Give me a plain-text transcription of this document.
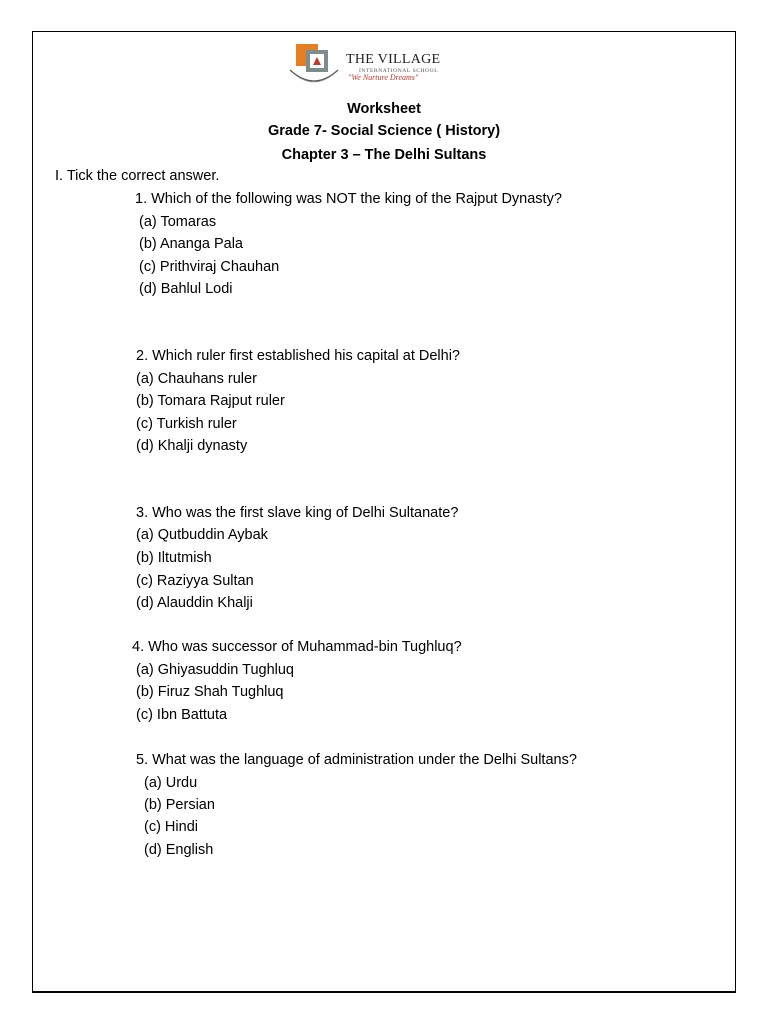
THE VILLAGE
INTERNATIONAL SCHOOL
"We Nurture Dreams"
Worksheet
Grade 7- Social Science ( History)
Chapter 3 – The Delhi Sultans
I. Tick the correct answer.
1. Which of the following was NOT the king of the Rajput Dynasty?
(a) Tomaras
(b) Ananga Pala
(c) Prithviraj Chauhan
(d) Bahlul Lodi
2. Which ruler first established his capital at Delhi?
(a) Chauhans ruler
(b) Tomara Rajput ruler
(c) Turkish ruler
(d) Khalji dynasty
3. Who was the first slave king of Delhi Sultanate?
(a) Qutbuddin Aybak
(b) Iltutmish
(c) Raziyya Sultan
(d) Alauddin Khalji
4. Who was successor of Muhammad-bin Tughluq?
(a) Ghiyasuddin Tughluq
(b) Firuz Shah Tughluq
(c) Ibn Battuta
5. What was the language of administration under the Delhi Sultans?
(a) Urdu
(b) Persian
(c) Hindi
(d) English
